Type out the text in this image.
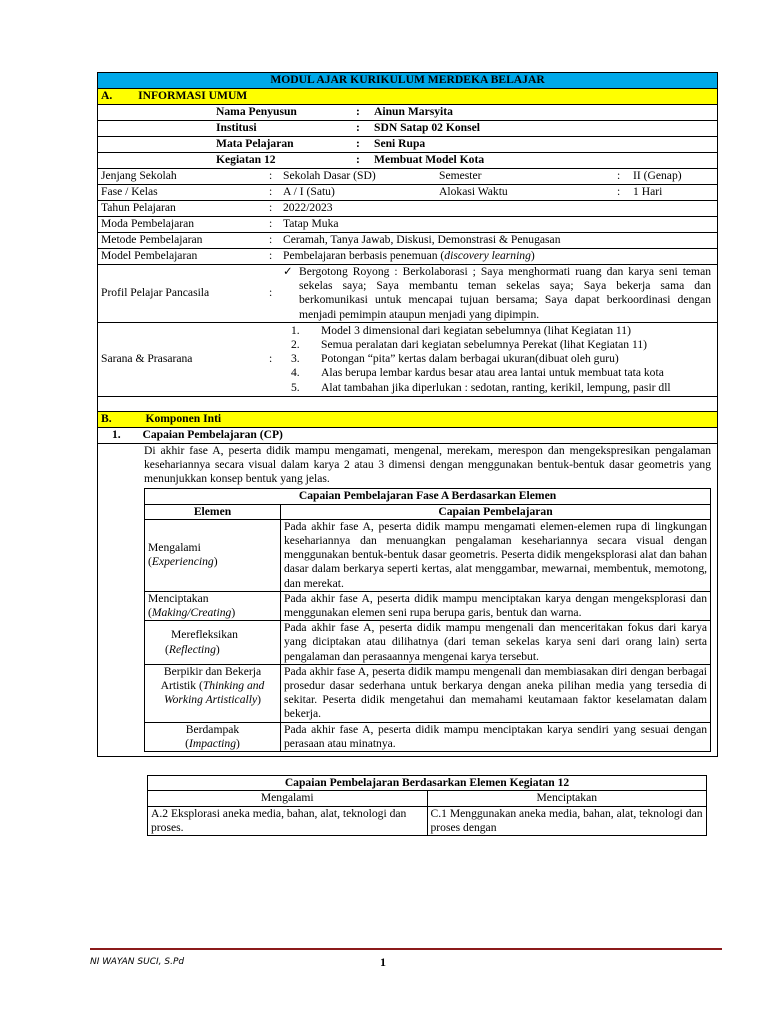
MODUL AJAR KURIKULUM MERDEKA BELAJAR
A. INFORMASI UMUM
Nama Penyusun	: Ainun Marsyita
Institusi	: SDN Satap 02 Konsel
Mata Pelajaran	: Seni Rupa
Kegiatan 12	: Membuat Model Kota

Jenjang Sekolah	: Sekolah Dasar (SD)	Semester	:	II (Genap)

Fase / Kelas	: A / I (Satu)	Alokasi Waktu	:	1 Hari

Tahun Pelajaran	: 2022/2023

Moda Pembelajaran	: Tatap Muka

Metode Pembelajaran	: Ceramah, Tanya Jawab, Diskusi, Demonstrasi & Penugasan

Model Pembelajaran	: Pembelajaran berbasis penemuan (discovery learning)

Profil Pelajar Pancasila	:
✓ Bergotong Royong : Berkolaborasi ; Saya menghormati ruang dan karya seni teman sekelas saya; Saya membantu teman sekelas saya; Saya bekerja sama dan berkomunikasi untuk mencapai tujuan bersama; Saya dapat berkoordinasi dengan menjadi pemimpin ataupun menjadi yang dipimpin.

Sarana & Prasarana	:
1.	Model 3 dimensional dari kegiatan sebelumnya (lihat Kegiatan 11)
2.	Semua peralatan dari kegiatan sebelumnya Perekat (lihat Kegiatan 11)
3.	Potongan “pita” kertas dalam berbagai ukuran(dibuat oleh guru)
4.	Alas berupa lembar kardus besar atau area lantai untuk membuat tata kota
5.	Alat tambahan jika diperlukan : sedotan, ranting, kerikil, lempung, pasir dll

B.	Komponen Inti
1. Capaian Pembelajaran (CP)

Di akhir fase A, peserta didik mampu mengamati, mengenal, merekam, merespon dan mengekspresikan pengalaman kesehariannya secara visual dalam karya 2 atau 3 dimensi dengan menggunakan bentuk-bentuk dasar geometris yang menunjukkan konsep bentuk yang jelas.
Capaian Pembelajaran Fase A Berdasarkan Elemen
Elemen	Capaian Pembelajaran
Mengalami
(Experiencing)	Pada akhir fase A, peserta didik mampu mengamati elemen-elemen rupa di lingkungan kesehariannya dan menuangkan pengalaman kesehariannya secara visual dengan menggunakan bentuk-bentuk dasar geometris. Peserta didik mengeksplorasi alat dan bahan dasar dalam berkarya seperti kertas, alat menggambar, mewarnai, membentuk, memotong, dan merekat.
Menciptakan
(Making/Creating)	Pada akhir fase A, peserta didik mampu menciptakan karya dengan mengeksplorasi dan menggunakan elemen seni rupa berupa garis, bentuk dan warna.
Merefleksikan
(Reflecting)	Pada akhir fase A, peserta didik mampu mengenali dan menceritakan fokus dari karya yang diciptakan atau dilihatnya (dari teman sekelas karya seni dari orang lain) serta pengalaman dan perasaannya mengenai karya tersebut.
Berpikir dan Bekerja Artistik (Thinking and Working Artistically)	Pada akhir fase A, peserta didik mampu mengenali dan membiasakan diri dengan berbagai prosedur dasar sederhana untuk berkarya dengan aneka pilihan media yang tersedia di sekitar. Peserta didik mengetahui dan memahami keutamaan faktor keselamatan dalam bekerja.
Berdampak
(Impacting)	Pada akhir fase A, peserta didik mampu menciptakan karya sendiri yang sesuai dengan perasaan atau minatnya.
Capaian Pembelajaran Berdasarkan Elemen Kegiatan 12	
Mengalami	Menciptakan
A.2 Eksplorasi aneka media, bahan, alat, teknologi dan proses.	C.1 Menggunakan aneka media, bahan, alat, teknologi dan proses dengan
NI WAYAN SUCI, S.Pd	1
